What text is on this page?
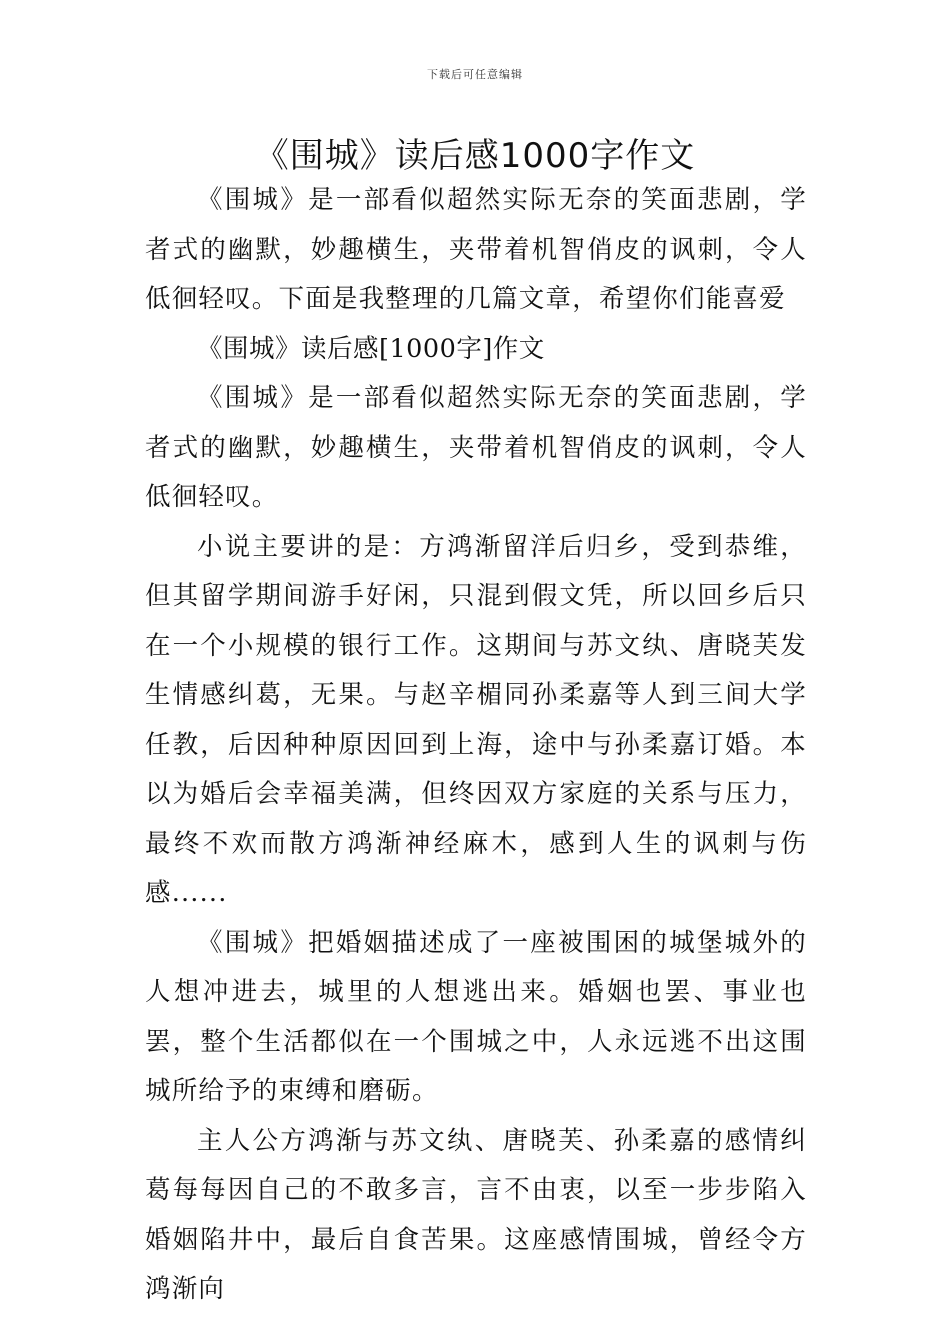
下载后可任意编辑
《围城》读后感1000字作文

《围城》是一部看似超然实际无奈的笑面悲剧，学者式的幽默，妙趣横生，夹带着机智俏皮的讽刺，令人低徊轻叹。下面是我整理的几篇文章，希望你们能喜爱

《围城》读后感[1000字]作文

《围城》是一部看似超然实际无奈的笑面悲剧，学者式的幽默，妙趣横生，夹带着机智俏皮的讽刺，令人低徊轻叹。

小说主要讲的是：方鸿渐留洋后归乡，受到恭维，但其留学期间游手好闲，只混到假文凭，所以回乡后只在一个小规模的银行工作。这期间与苏文纨、唐晓芙发生情感纠葛，无果。与赵辛楣同孙柔嘉等人到三间大学任教，后因种种原因回到上海，途中与孙柔嘉订婚。本以为婚后会幸福美满，但终因双方家庭的关系与压力，最终不欢而散方鸿渐神经麻木，感到人生的讽刺与伤感......

《围城》把婚姻描述成了一座被围困的城堡城外的人想冲进去，城里的人想逃出来。婚姻也罢、事业也罢，整个生活都似在一个围城之中，人永远逃不出这围城所给予的束缚和磨砺。

主人公方鸿渐与苏文纨、唐晓芙、孙柔嘉的感情纠葛每每因自己的不敢多言，言不由衷，以至一步步陷入婚姻陷井中，最后自食苦果。这座感情围城，曾经令方鸿渐向
